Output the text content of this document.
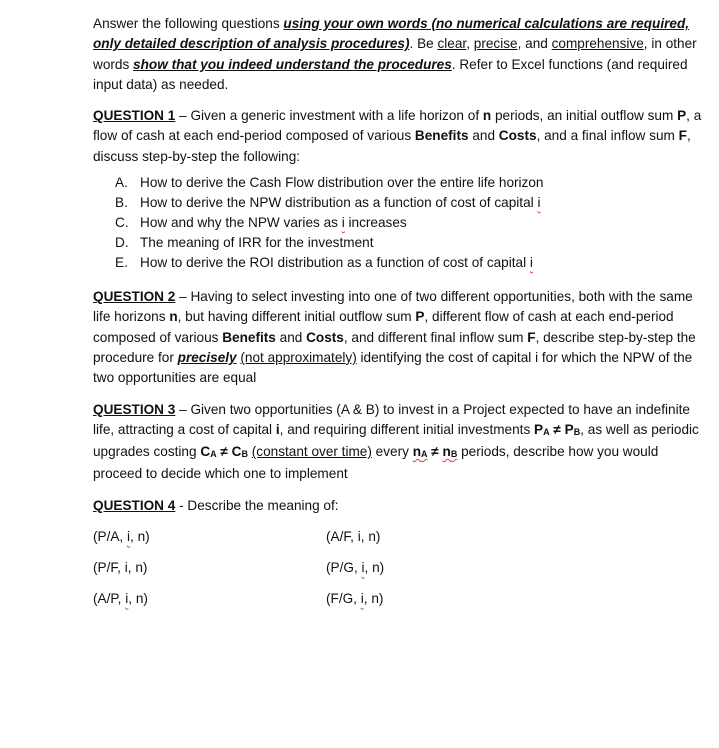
Answer the following questions using your own words (no numerical calculations are required, only detailed description of analysis procedures). Be clear, precise, and comprehensive, in other words show that you indeed understand the procedures. Refer to Excel functions (and required input data) as needed.

QUESTION 1 – Given a generic investment with a life horizon of n periods, an initial outflow sum P, a flow of cash at each end-period composed of various Benefits and Costs, and a final inflow sum F, discuss step-by-step the following:

A. How to derive the Cash Flow distribution over the entire life horizon
B. How to derive the NPW distribution as a function of cost of capital i
C. How and why the NPW varies as i increases
D. The meaning of IRR for the investment
E. How to derive the ROI distribution as a function of cost of capital i

QUESTION 2 – Having to select investing into one of two different opportunities, both with the same life horizons n, but having different initial outflow sum P, different flow of cash at each end-period composed of various Benefits and Costs, and different final inflow sum F, describe step-by-step the procedure for precisely (not approximately) identifying the cost of capital i for which the NPW of the two opportunities are equal

QUESTION 3 – Given two opportunities (A & B) to invest in a Project expected to have an indefinite life, attracting a cost of capital i, and requiring different initial investments PA ≠ PB, as well as periodic upgrades costing CA ≠ CB (constant over time) every nA ≠ nB periods, describe how you would proceed to decide which one to implement

QUESTION 4 - Describe the meaning of:

(P/A, i, n)	(A/F, i, n)
(P/F, i, n)	(P/G, i, n)
(A/P, i, n)	(F/G, i, n)
